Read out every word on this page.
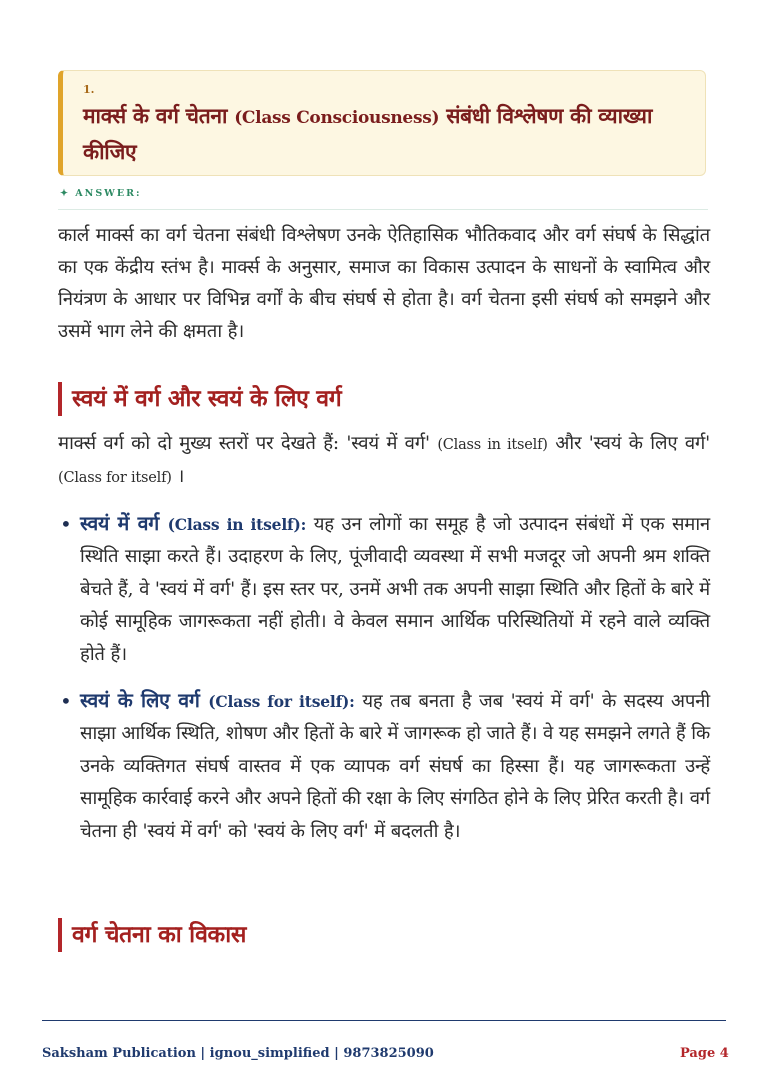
1.
मार्क्स के वर्ग चेतना (Class Consciousness) संबंधी विश्लेषण की व्याख्या कीजिए
✦ ANSWER:
कार्ल मार्क्स का वर्ग चेतना संबंधी विश्लेषण उनके ऐतिहासिक भौतिकवाद और वर्ग संघर्ष के सिद्धांत का एक केंद्रीय स्तंभ है। मार्क्स के अनुसार, समाज का विकास उत्पादन के साधनों के स्वामित्व और नियंत्रण के आधार पर विभिन्न वर्गों के बीच संघर्ष से होता है। वर्ग चेतना इसी संघर्ष को समझने और उसमें भाग लेने की क्षमता है।
स्वयं में वर्ग और स्वयं के लिए वर्ग
मार्क्स वर्ग को दो मुख्य स्तरों पर देखते हैं: 'स्वयं में वर्ग' (Class in itself) और 'स्वयं के लिए वर्ग' (Class for itself) ।
• स्वयं में वर्ग (Class in itself): यह उन लोगों का समूह है जो उत्पादन संबंधों में एक समान स्थिति साझा करते हैं। उदाहरण के लिए, पूंजीवादी व्यवस्था में सभी मजदूर जो अपनी श्रम शक्ति बेचते हैं, वे 'स्वयं में वर्ग' हैं। इस स्तर पर, उनमें अभी तक अपनी साझा स्थिति और हितों के बारे में कोई सामूहिक जागरूकता नहीं होती। वे केवल समान आर्थिक परिस्थितियों में रहने वाले व्यक्ति होते हैं।
• स्वयं के लिए वर्ग (Class for itself): यह तब बनता है जब 'स्वयं में वर्ग' के सदस्य अपनी साझा आर्थिक स्थिति, शोषण और हितों के बारे में जागरूक हो जाते हैं। वे यह समझने लगते हैं कि उनके व्यक्तिगत संघर्ष वास्तव में एक व्यापक वर्ग संघर्ष का हिस्सा हैं। यह जागरूकता उन्हें सामूहिक कार्रवाई करने और अपने हितों की रक्षा के लिए संगठित होने के लिए प्रेरित करती है। वर्ग चेतना ही 'स्वयं में वर्ग' को 'स्वयं के लिए वर्ग' में बदलती है।
वर्ग चेतना का विकास
Saksham Publication | ignou_simplified | 9873825090	Page 4
